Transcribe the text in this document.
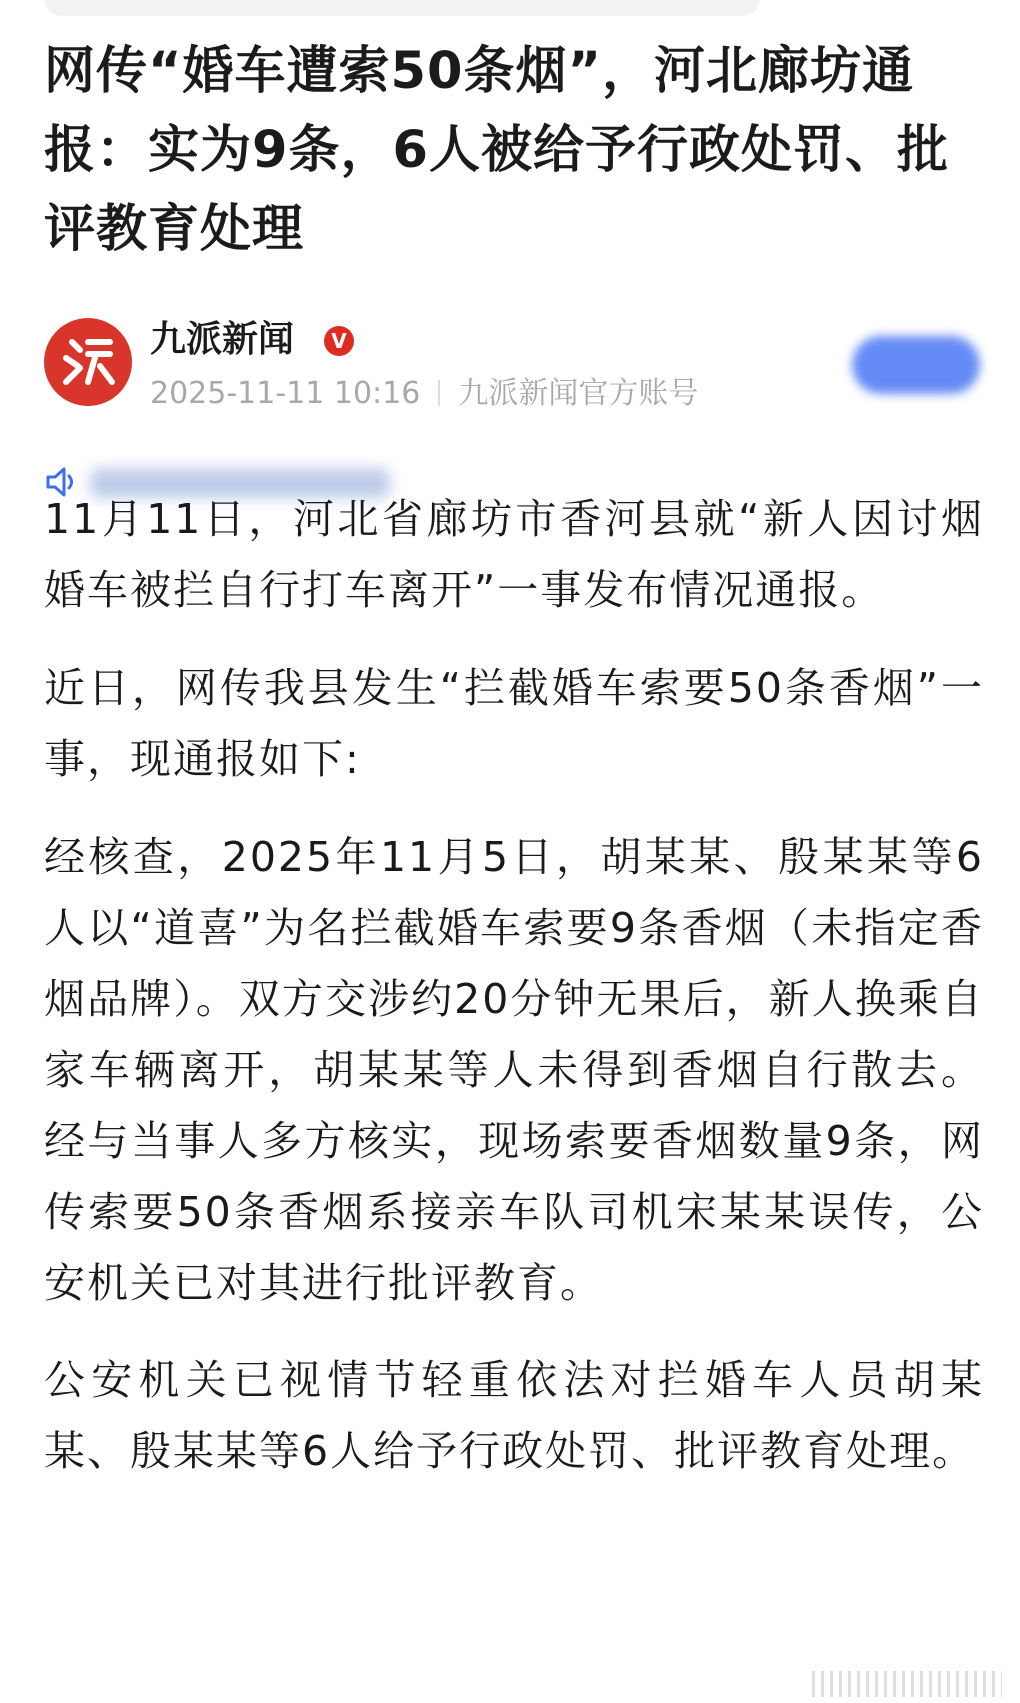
网传“婚车遭索50条烟”，河北廊坊通报：实为9条，6人被给予行政处罚、批评教育处理
九派新闻	V
2025-11-11 10:16 九派新闻官方账号

11月11日，河北省廊坊市香河县就“新人因讨烟婚车被拦自行打车离开”一事发布情况通报。

近日，网传我县发生“拦截婚车索要50条香烟”一事，现通报如下:

经核查，2025年11月5日，胡某某、殷某某等6人以“道喜”为名拦截婚车索要9条香烟（未指定香烟品牌）。双方交涉约20分钟无果后，新人换乘自家车辆离开，胡某某等人未得到香烟自行散去。经与当事人多方核实，现场索要香烟数量9条，网传索要50条香烟系接亲车队司机宋某某误传，公安机关已对其进行批评教育。

公安机关已视情节轻重依法对拦婚车人员胡某某、殷某某等6人给予行政处罚、批评教育处理。
